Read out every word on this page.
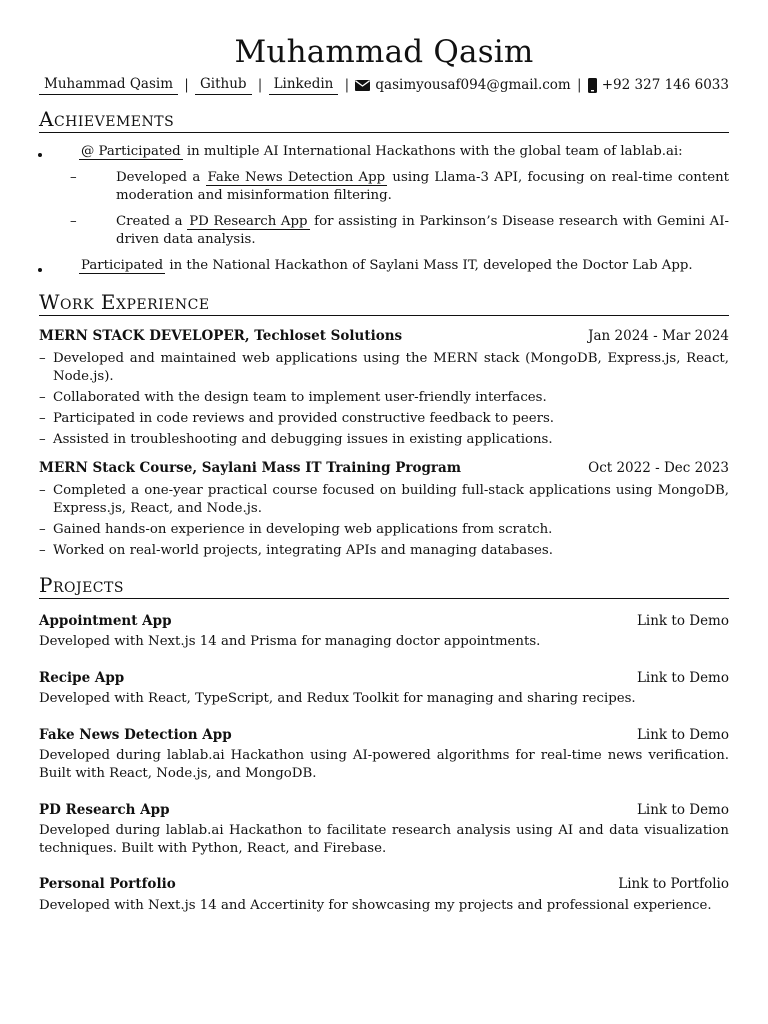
Muhammad Qasim
Muhammad Qasim | Github | Linkedin | qasimyousaf094@gmail.com | +92 327 146 6033
Achievements
@ Participated in multiple AI International Hackathons with the global team of lablab.ai:
–	Developed a Fake News Detection App using Llama-3 API, focusing on real-time content moderation and misinformation filtering.
–	Created a PD Research App for assisting in Parkinson’s Disease research with Gemini AI-driven data analysis.
Participated in the National Hackathon of Saylani Mass IT, developed the Doctor Lab App.
Work Experience
MERN STACK DEVELOPER, Techloset Solutions	Jan 2024 - Mar 2024
– Developed and maintained web applications using the MERN stack (MongoDB, Express.js, React, Node.js).
– Collaborated with the design team to implement user-friendly interfaces.
– Participated in code reviews and provided constructive feedback to peers.
– Assisted in troubleshooting and debugging issues in existing applications.
MERN Stack Course, Saylani Mass IT Training Program	Oct 2022 - Dec 2023
– Completed a one-year practical course focused on building full-stack applications using MongoDB, Express.js, React, and Node.js.
– Gained hands-on experience in developing web applications from scratch.
– Worked on real-world projects, integrating APIs and managing databases.
Projects
Appointment App	Link to Demo
Developed with Next.js 14 and Prisma for managing doctor appointments.
Recipe App	Link to Demo
Developed with React, TypeScript, and Redux Toolkit for managing and sharing recipes.
Fake News Detection App	Link to Demo
Developed during lablab.ai Hackathon using AI-powered algorithms for real-time news verification. Built with React, Node.js, and MongoDB.
PD Research App	Link to Demo
Developed during lablab.ai Hackathon to facilitate research analysis using AI and data visualization techniques. Built with Python, React, and Firebase.
Personal Portfolio	Link to Portfolio
Developed with Next.js 14 and Accertinity for showcasing my projects and professional experience.
